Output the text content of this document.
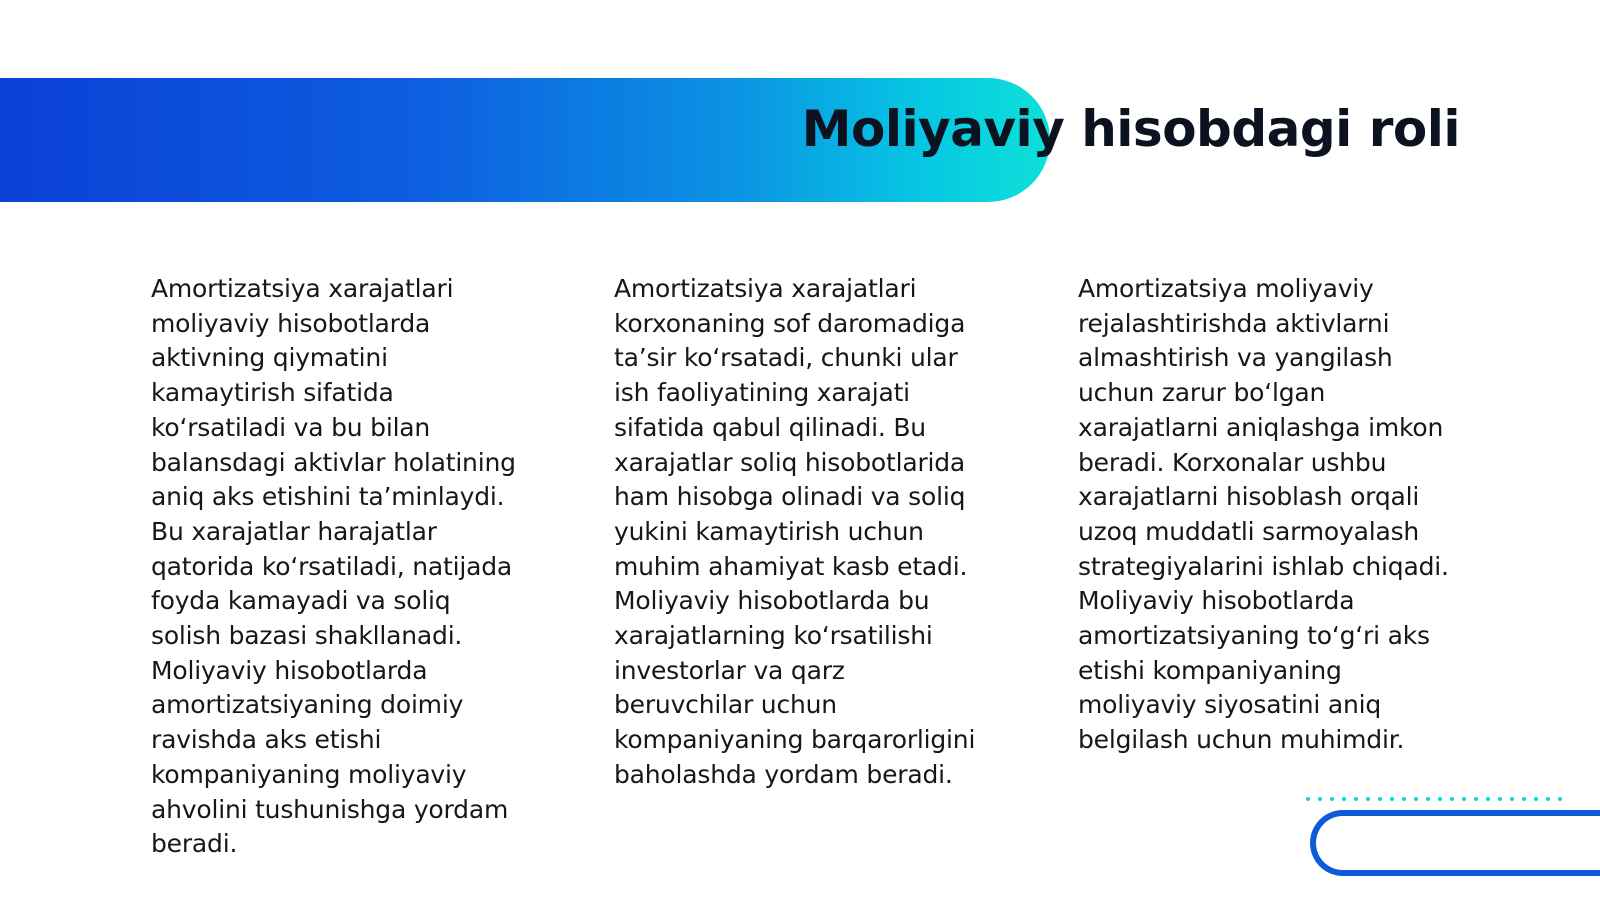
Moliyaviy hisobdagi roli

Amortizatsiya xarajatlari moliyaviy hisobotlarda aktivning qiymatini kamaytirish sifatida ko‘rsatiladi va bu bilan balansdagi aktivlar holatining aniq aks etishini ta’minlaydi. Bu xarajatlar harajatlar qatorida ko‘rsatiladi, natijada foyda kamayadi va soliq solish bazasi shakllanadi. Moliyaviy hisobotlarda amortizatsiyaning doimiy ravishda aks etishi kompaniyaning moliyaviy ahvolini tushunishga yordam beradi.

Amortizatsiya xarajatlari korxonaning sof daromadiga ta’sir ko‘rsatadi, chunki ular ish faoliyatining xarajati sifatida qabul qilinadi. Bu xarajatlar soliq hisobotlarida ham hisobga olinadi va soliq yukini kamaytirish uchun muhim ahamiyat kasb etadi. Moliyaviy hisobotlarda bu xarajatlarning ko‘rsatilishi investorlar va qarz beruvchilar uchun kompaniyaning barqarorligini baholashda yordam beradi.

Amortizatsiya moliyaviy rejalashtirishda aktivlarni almashtirish va yangilash uchun zarur bo‘lgan xarajatlarni aniqlashga imkon beradi. Korxonalar ushbu xarajatlarni hisoblash orqali uzoq muddatli sarmoyalash strategiyalarini ishlab chiqadi. Moliyaviy hisobotlarda amortizatsiyaning to‘g‘ri aks etishi kompaniyaning moliyaviy siyosatini aniq belgilash uchun muhimdir.
